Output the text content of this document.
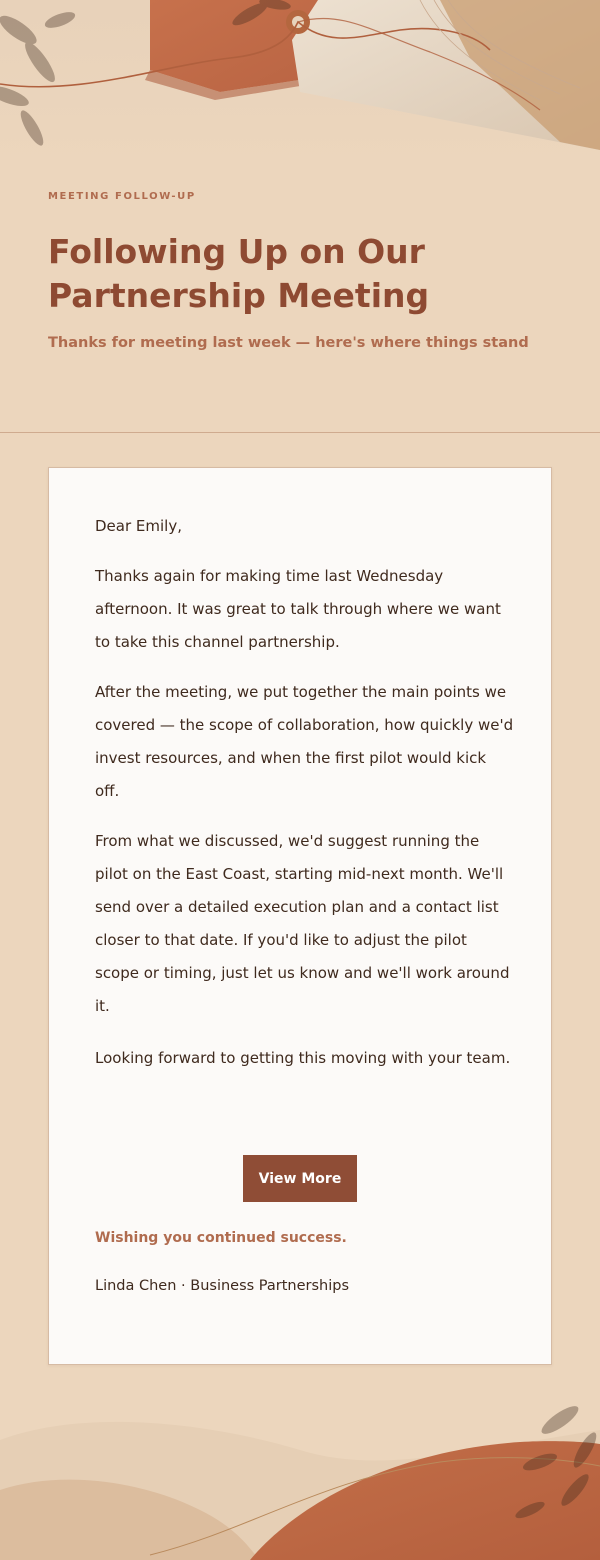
MEETING FOLLOW-UP
Following Up on Our
Partnership Meeting
Thanks for meeting last week — here's where things stand
Dear Emily,

Thanks again for making time last Wednesday afternoon. It was great to talk through where we want to take this channel partnership.

After the meeting, we put together the main points we covered — the scope of collaboration, how quickly we'd invest resources, and when the first pilot would kick off.

From what we discussed, we'd suggest running the pilot on the East Coast, starting mid-next month. We'll send over a detailed execution plan and a contact list closer to that date. If you'd like to adjust the pilot scope or timing, just let us know and we'll work around it.

Looking forward to getting this moving with your team.

View More
Wishing you continued success.
Linda Chen · Business Partnerships
